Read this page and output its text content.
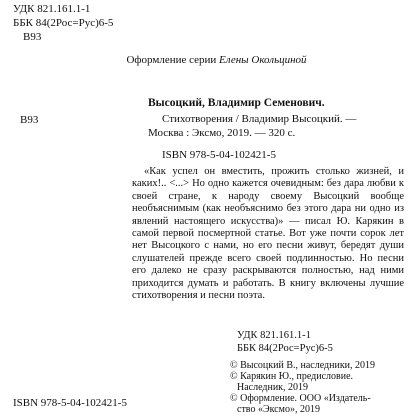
УДК 821.161.1-1
ББК 84(2Рос=Рус)6-5
В93
Оформление серии Елены Окольциной
Высоцкий, Владимир Семенович.
В93	Стихотворения / Владимир Высоцкий. —
Москва : Эксмо, 2019. — 320 с.
ISBN 978-5-04-102421-5

«Как успел он вместить, прожить столько жизней, и каких!.. <...> Но одно кажется очевидным: без дара любви к своей стране, к народу своему Высоцкий вообще необъяснимым (как необъяснимо без этого дара ни одно из явлений настоящего искусства)» — писал Ю. Карякин в самой первой посмертной статье. Вот уже почти сорок лет нет Высоцкого с нами, но его песни живут, бередят души слушателей прежде всего своей подлинностью. Но песни его далеко не сразу раскрываются полностью, над ними приходится думать и работать. В книгу включены лучшие стихотворения и песни поэта.

УДК 821.161.1-1
ББК 84(2Рос=Рус)6-5
© Высоцкий В., наследники, 2019
© Карякин Ю., предисловие.
Наследник, 2019
© Оформление. ООО «Издатель-
ство «Эксмо», 2019
ISBN 978-5-04-102421-5
